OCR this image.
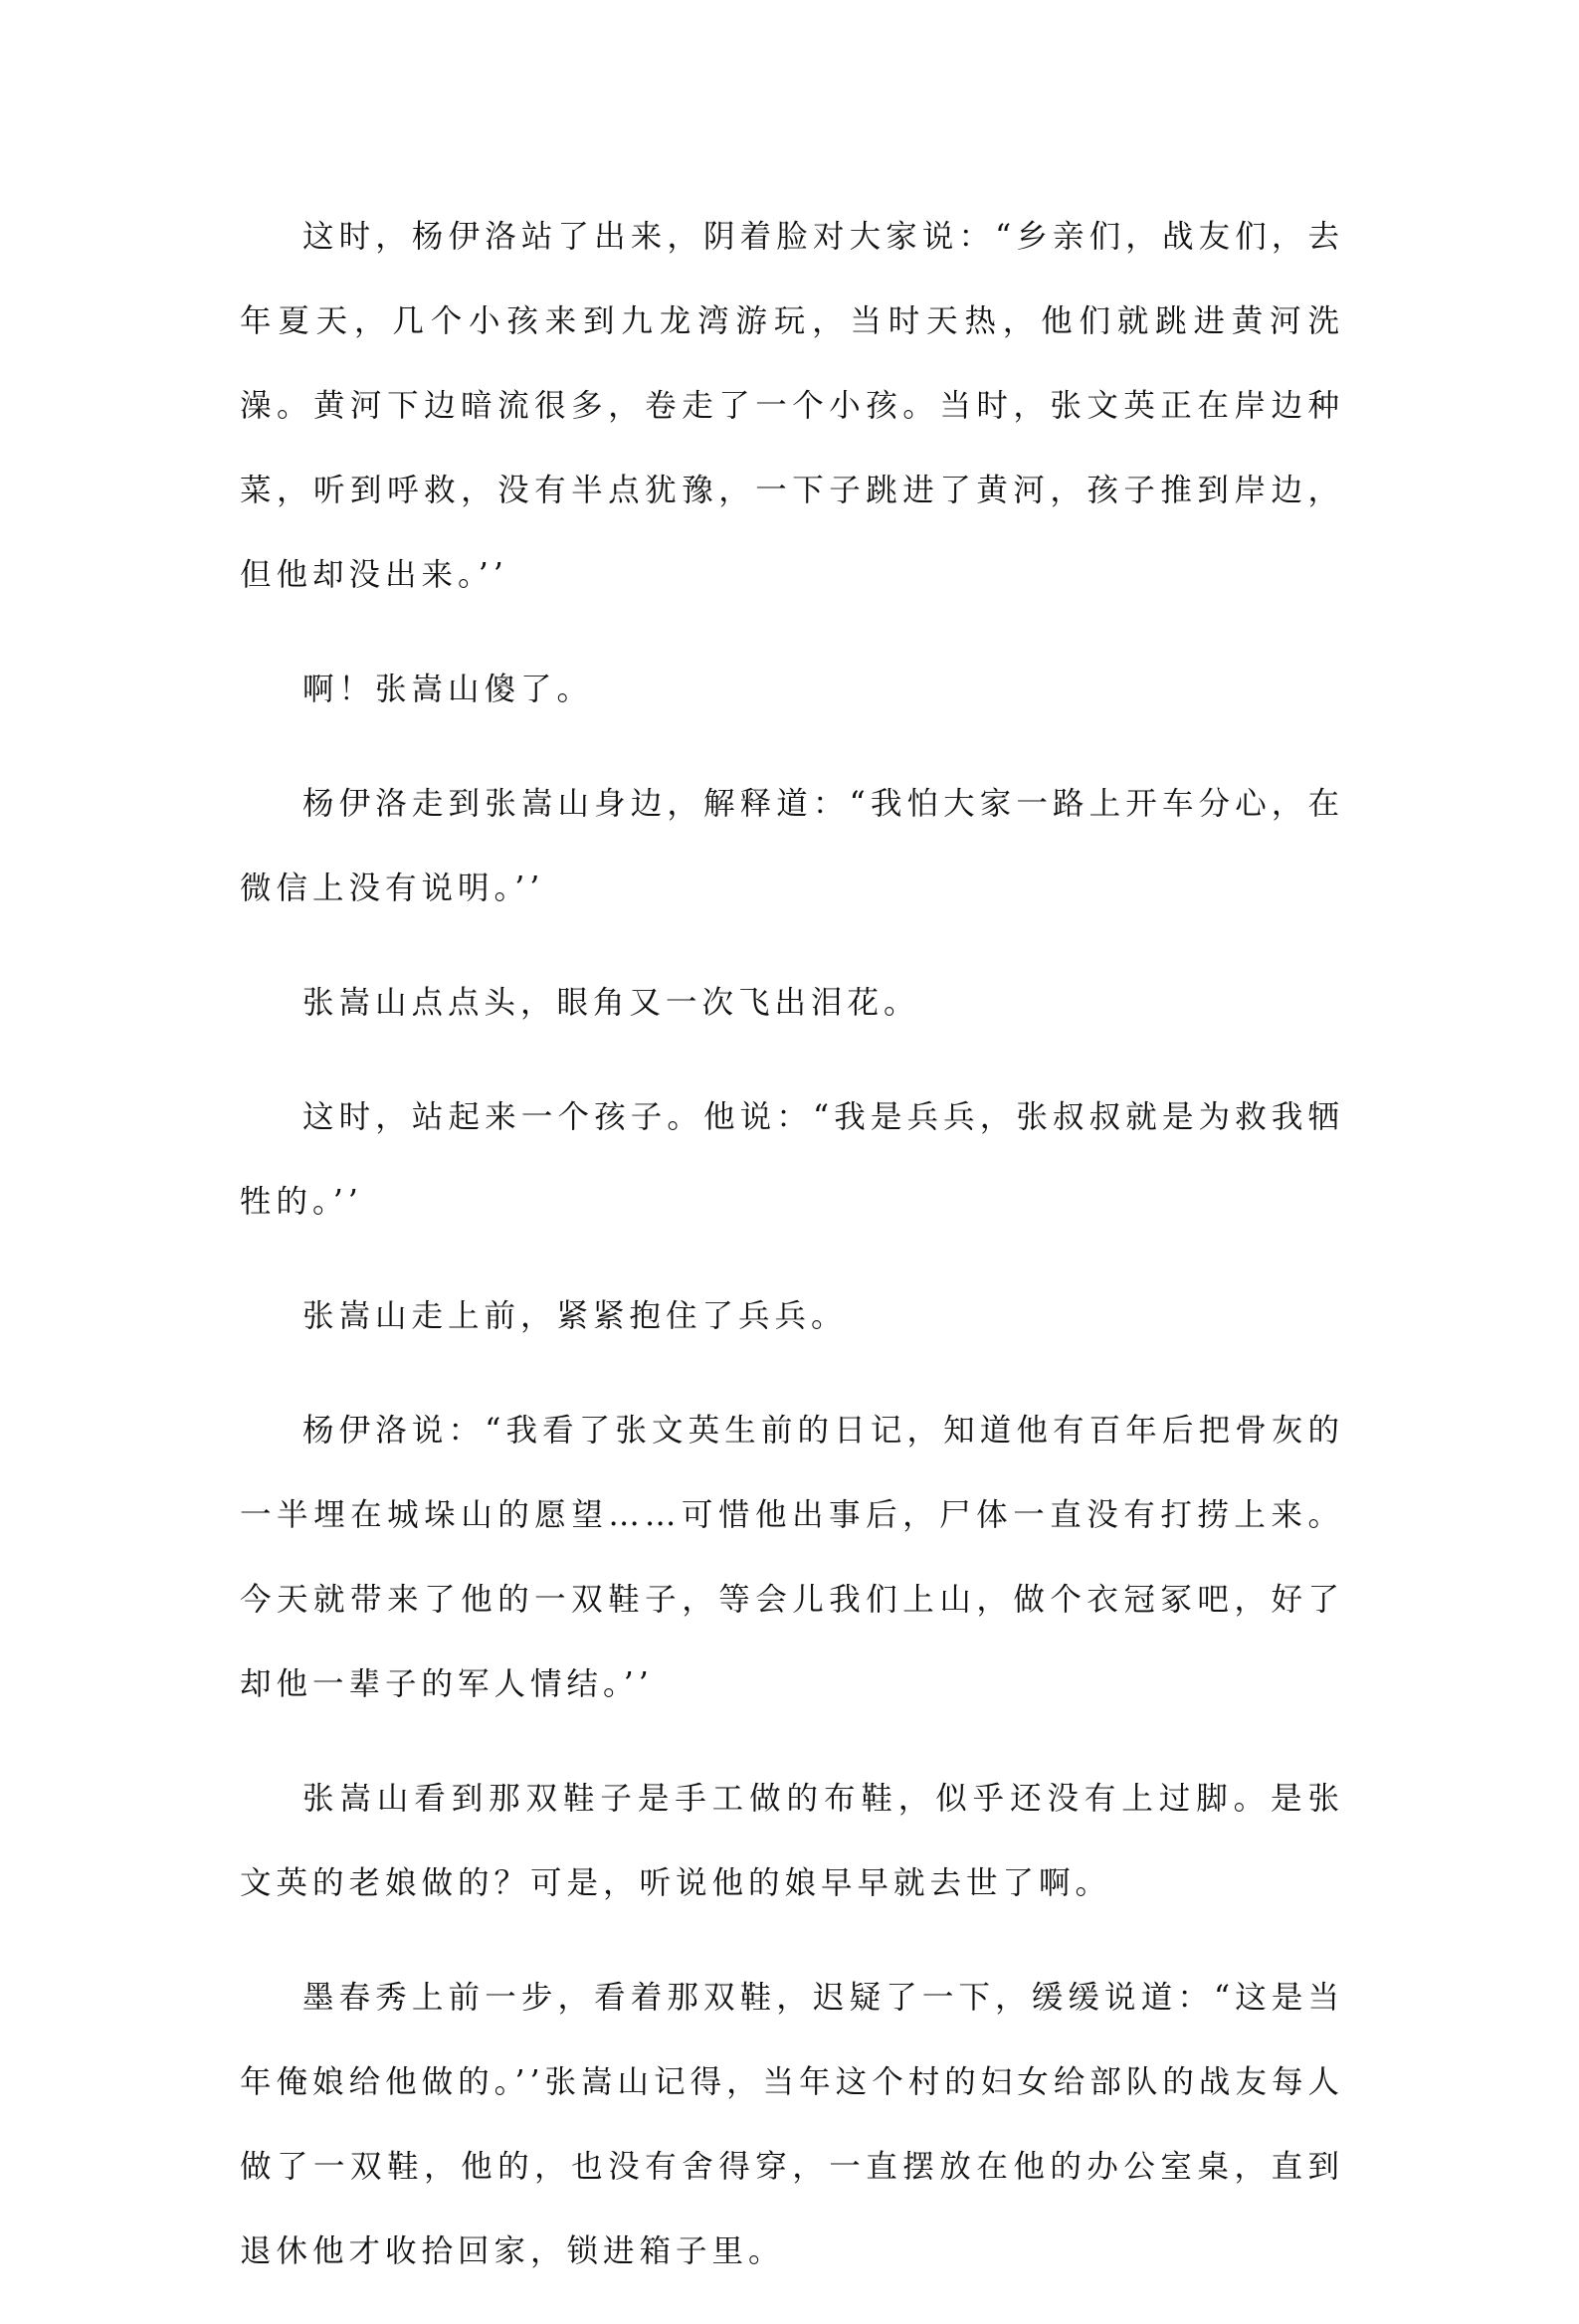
这时，杨伊洛站了出来，阴着脸对大家说：“乡亲们，战友们，去年夏天，几个小孩来到九龙湾游玩，当时天热，他们就跳进黄河洗澡。黄河下边暗流很多，卷走了一个小孩。当时，张文英正在岸边种菜，听到呼救，没有半点犹豫，一下子跳进了黄河，孩子推到岸边，但他却没出来。’’

啊！张嵩山傻了。

杨伊洛走到张嵩山身边，解释道：“我怕大家一路上开车分心，在微信上没有说明。’’

张嵩山点点头，眼角又一次飞出泪花。

这时，站起来一个孩子。他说：“我是兵兵，张叔叔就是为救我牺牲的。’’

张嵩山走上前，紧紧抱住了兵兵。

杨伊洛说：“我看了张文英生前的日记，知道他有百年后把骨灰的一半埋在城垛山的愿望……可惜他出事后，尸体一直没有打捞上来。今天就带来了他的一双鞋子，等会儿我们上山，做个衣冠冢吧，好了却他一辈子的军人情结。’’

张嵩山看到那双鞋子是手工做的布鞋，似乎还没有上过脚。是张文英的老娘做的？可是，听说他的娘早早就去世了啊。

墨春秀上前一步，看着那双鞋，迟疑了一下，缓缓说道：“这是当年俺娘给他做的。’’张嵩山记得，当年这个村的妇女给部队的战友每人做了一双鞋，他的，也没有舍得穿，一直摆放在他的办公室桌，直到退休他才收拾回家，锁进箱子里。
